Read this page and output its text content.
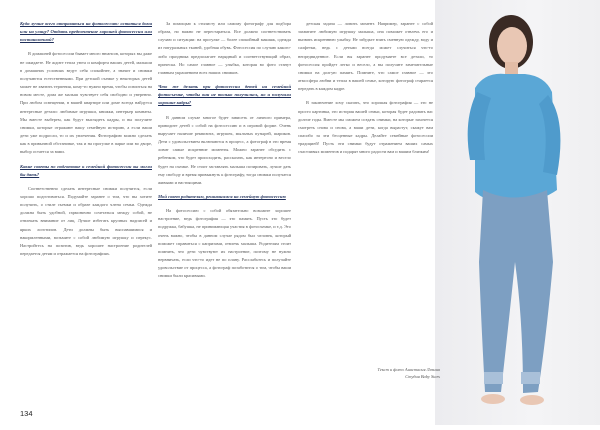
Куда лучше всего отправиться на фотосессию: остаться дома или на улицу? Отдать предпочтение хорошей фотосессии или постановочной?
В домашней фотосессии бывает много нюансов, которых вы даже не ожидаете. Не ждите тепла уюта и комфорта ваших детей, малыши в домашних условиях ведут себя спокойнее, а значит и снимки получаются естественными. При детской съемке у некоторых детей может не хватить терпения, кому-то нужно время, чтобы освоиться на новом месте, дома же малыш чувствует себя свободно и уверенно. При любом освещении, в вашей квартире или доме всегда найдутся интересные детали: любимые игрушки, книжки, интерьер комнаты. Мы вместе выберем, как будут выглядеть кадры, и вы получите снимки, которые отражают вашу семейную историю, а если ваши дети уже подросли, то и их увлечения. Фотографию можно сделать как в привычной обстановке, так и на прогулке в парке или во дворе, выбор остается за вами.
Какие советы по подготовке к семейной фотосессии вы могли бы дать?
Соответственно сделать интересные снимки получится, если хорошо подготовиться. Подумайте заранее о том, что вы хотите получить, о стиле съемки и образе каждого члена семьи. Одежда должна быть удобной, гармонично сочетаться между собой, не отвлекать внимание от лиц. Лучше избегать крупных надписей и ярких логотипов. Дети должны быть выспавшимися и накормленными, возьмите с собой любимую игрушку и перекус. Настройтесь на позитив, ведь хорошее настроение родителей передается детям и отражается на фотографиях.
За помощью к стилисту или самому фотографу для подбора образа, но важно не перестараться. Все должно соответствовать случаю и ситуации: на прогулке — более спокойный макияж, одежда из натуральных тканей, удобная обувь. Фотосессия по случаю какого-либо праздника предполагает нарядный и соответствующий образ, прическа. Но самое главное — улыбка, которая во фото станут главным украшением всех наших снимков.
Что же делать при фотосессии детей на семейной фотосъемке, чтобы они не только получились, но и получили хорошие кадры?
В данном случае многое будет зависеть от личного примера, приводите детей с собой на фотосессию и в игровой форме. Очень выручает наличие реквизита, игрушек, мыльных пузырей, шариков. Дети с удовольствием включаются в процесс, а фотограф в это время ловит самые искренние моменты. Можно заранее обсудить с ребенком, что будет происходить, рассказать, как интересно и весело будет на съемке. Не стоит заставлять малыша позировать, лучше дать ему свободу и время привыкнуть к фотографу, тогда снимки получатся живыми и настоящими.
Мой совет родителям, решившимся на семейную фотосессию
На фотосессию с собой обязательно возьмите хорошее настроение, ведь фотография — это память. Пусть это будет подружка, бабушка, не принимающая участия в фотосъемке, и т.д. Это очень важно, чтобы в данном случае рядом был человек, который поможет справиться с капризами, отвлечь малыша. Родителям стоит помнить, что дети чувствуют их настроение, поэтому не нужно нервничать, если что-то идет не по плану. Расслабьтесь и получайте удовольствие от процесса, а фотограф позаботится о том, чтобы ваши снимки были красивыми.
детская задача — ловить момент. Например, заранее с собой захватите любимую игрушку малыша, она поможет отвлечь его и вызвать искреннюю улыбку. Не забудьте взять сменную одежду, воду и салфетки, ведь с детьми всегда может случиться что-то непредвиденное. Если вы заранее продумаете все детали, то фотосессия пройдет легко и весело, а вы получите замечательные снимки на долгую память. Помните, что самое главное — это атмосфера любви и тепла в вашей семье, которую фотограф старается передать в каждом кадре.
В заключение хочу сказать, что хорошая фотография — это не просто картинка, это история вашей семьи, которая будет радовать вас долгие годы. Вместе мы сможем создать снимки, на которые захочется смотреть снова и снова, а ваши дети, когда вырастут, скажут вам спасибо за эти бесценные кадры. Делайте семейные фотосессии традицией! Пусть эти снимки будут отражением ваших самых счастливых моментов и подарят много радости вам и вашим близким!
Текст и фото Анастасия Левина
Студия Baby Stars
134
